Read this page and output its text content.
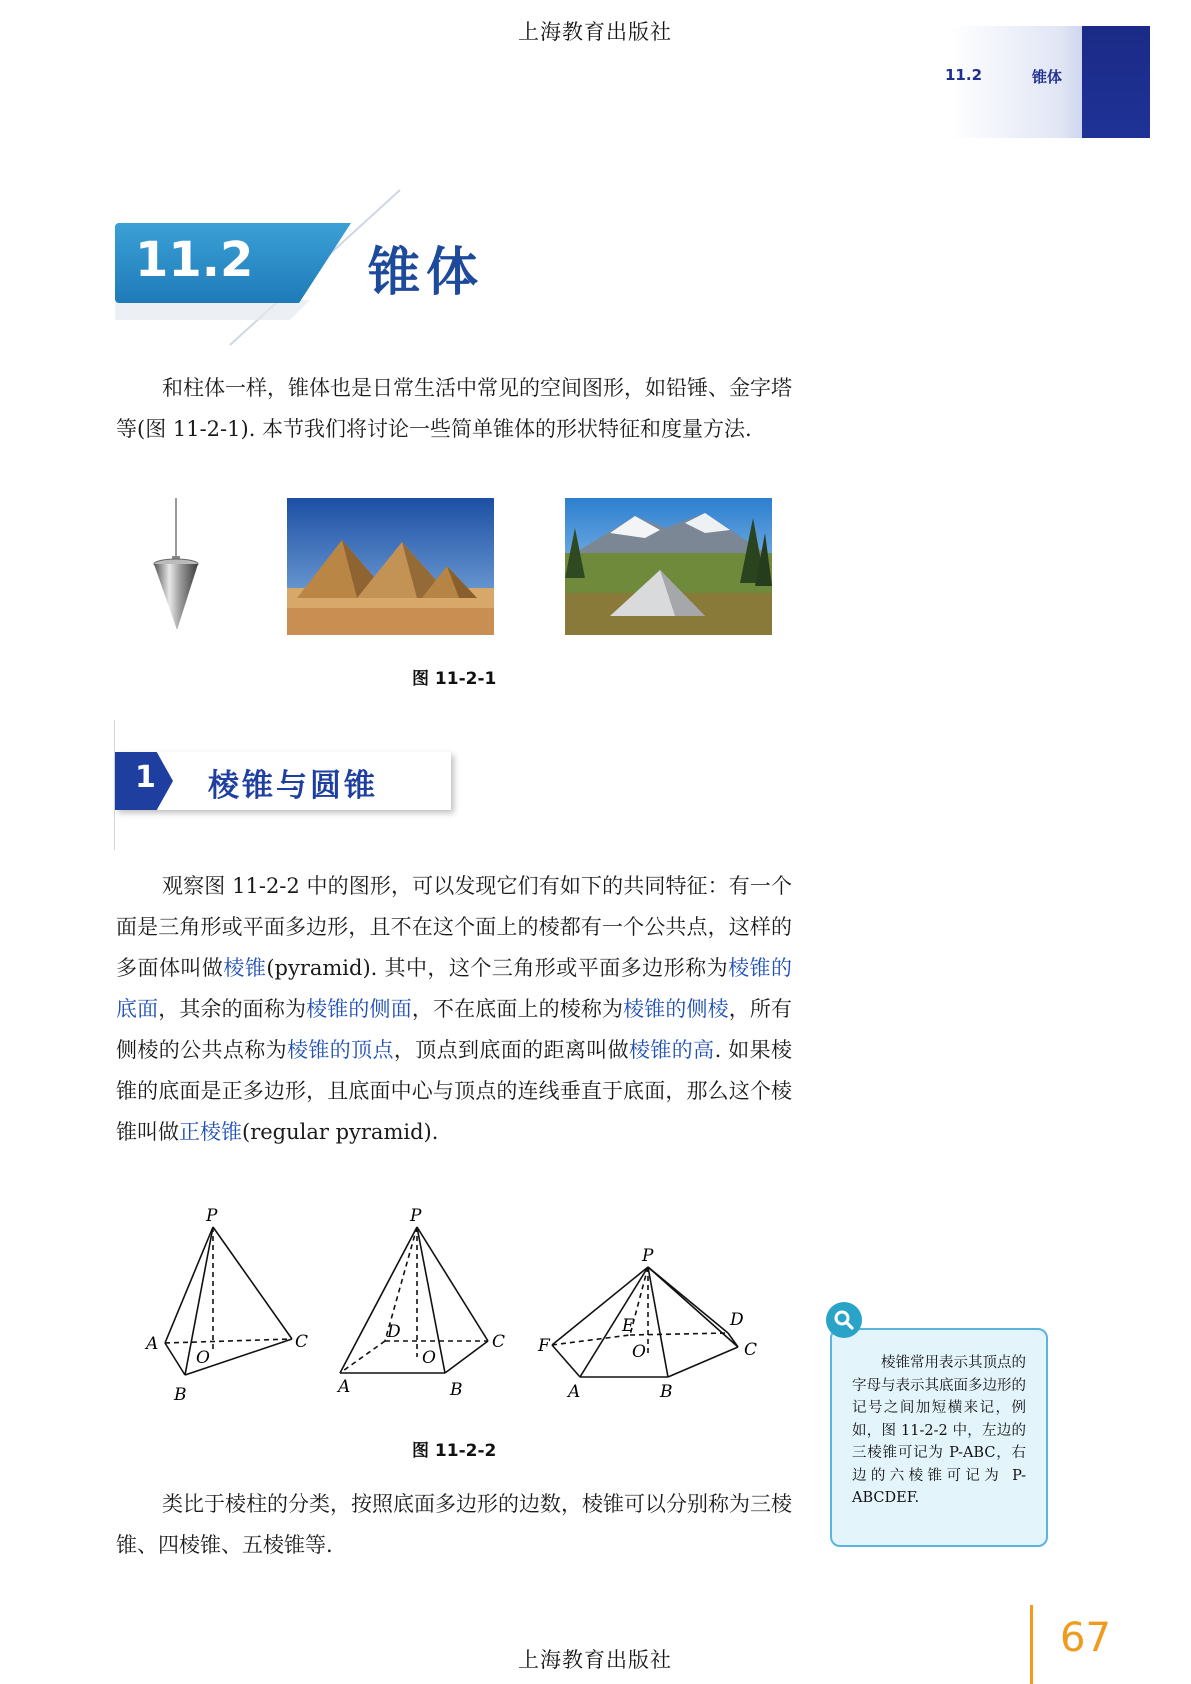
上海教育出版社
11.2	锥体
11.2 锥体
和柱体一样，锥体也是日常生活中常见的空间图形，如铅锤、金字塔等(图 11-2-1). 本节我们将讨论一些简单锥体的形状特征和度量方法.
图 11-2-1
1 棱锥与圆锥
观察图 11-2-2 中的图形，可以发现它们有如下的共同特征：有一个面是三角形或平面多边形，且不在这个面上的棱都有一个公共点，这样的多面体叫做棱锥(pyramid). 其中，这个三角形或平面多边形称为棱锥的底面，其余的面称为棱锥的侧面，不在底面上的棱称为棱锥的侧棱，所有侧棱的公共点称为棱锥的顶点，顶点到底面的距离叫做棱锥的高. 如果棱锥的底面是正多边形，且底面中心与顶点的连线垂直于底面，那么这个棱锥叫做正棱锥(regular pyramid).
P
A
O
C
B
P
D
O
C
A	B
P
D
E
F	O	C
A	B
图 11-2-2
类比于棱柱的分类，按照底面多边形的边数，棱锥可以分别称为三棱锥、四棱锥、五棱锥等.
棱锥常用表示其顶点的字母与表示其底面多边形的记号之间加短横来记，例如，图 11-2-2 中，左边的三棱锥可记为 P-ABC，右边的六棱锥可记为 P-ABCDEF.
67
上海教育出版社
